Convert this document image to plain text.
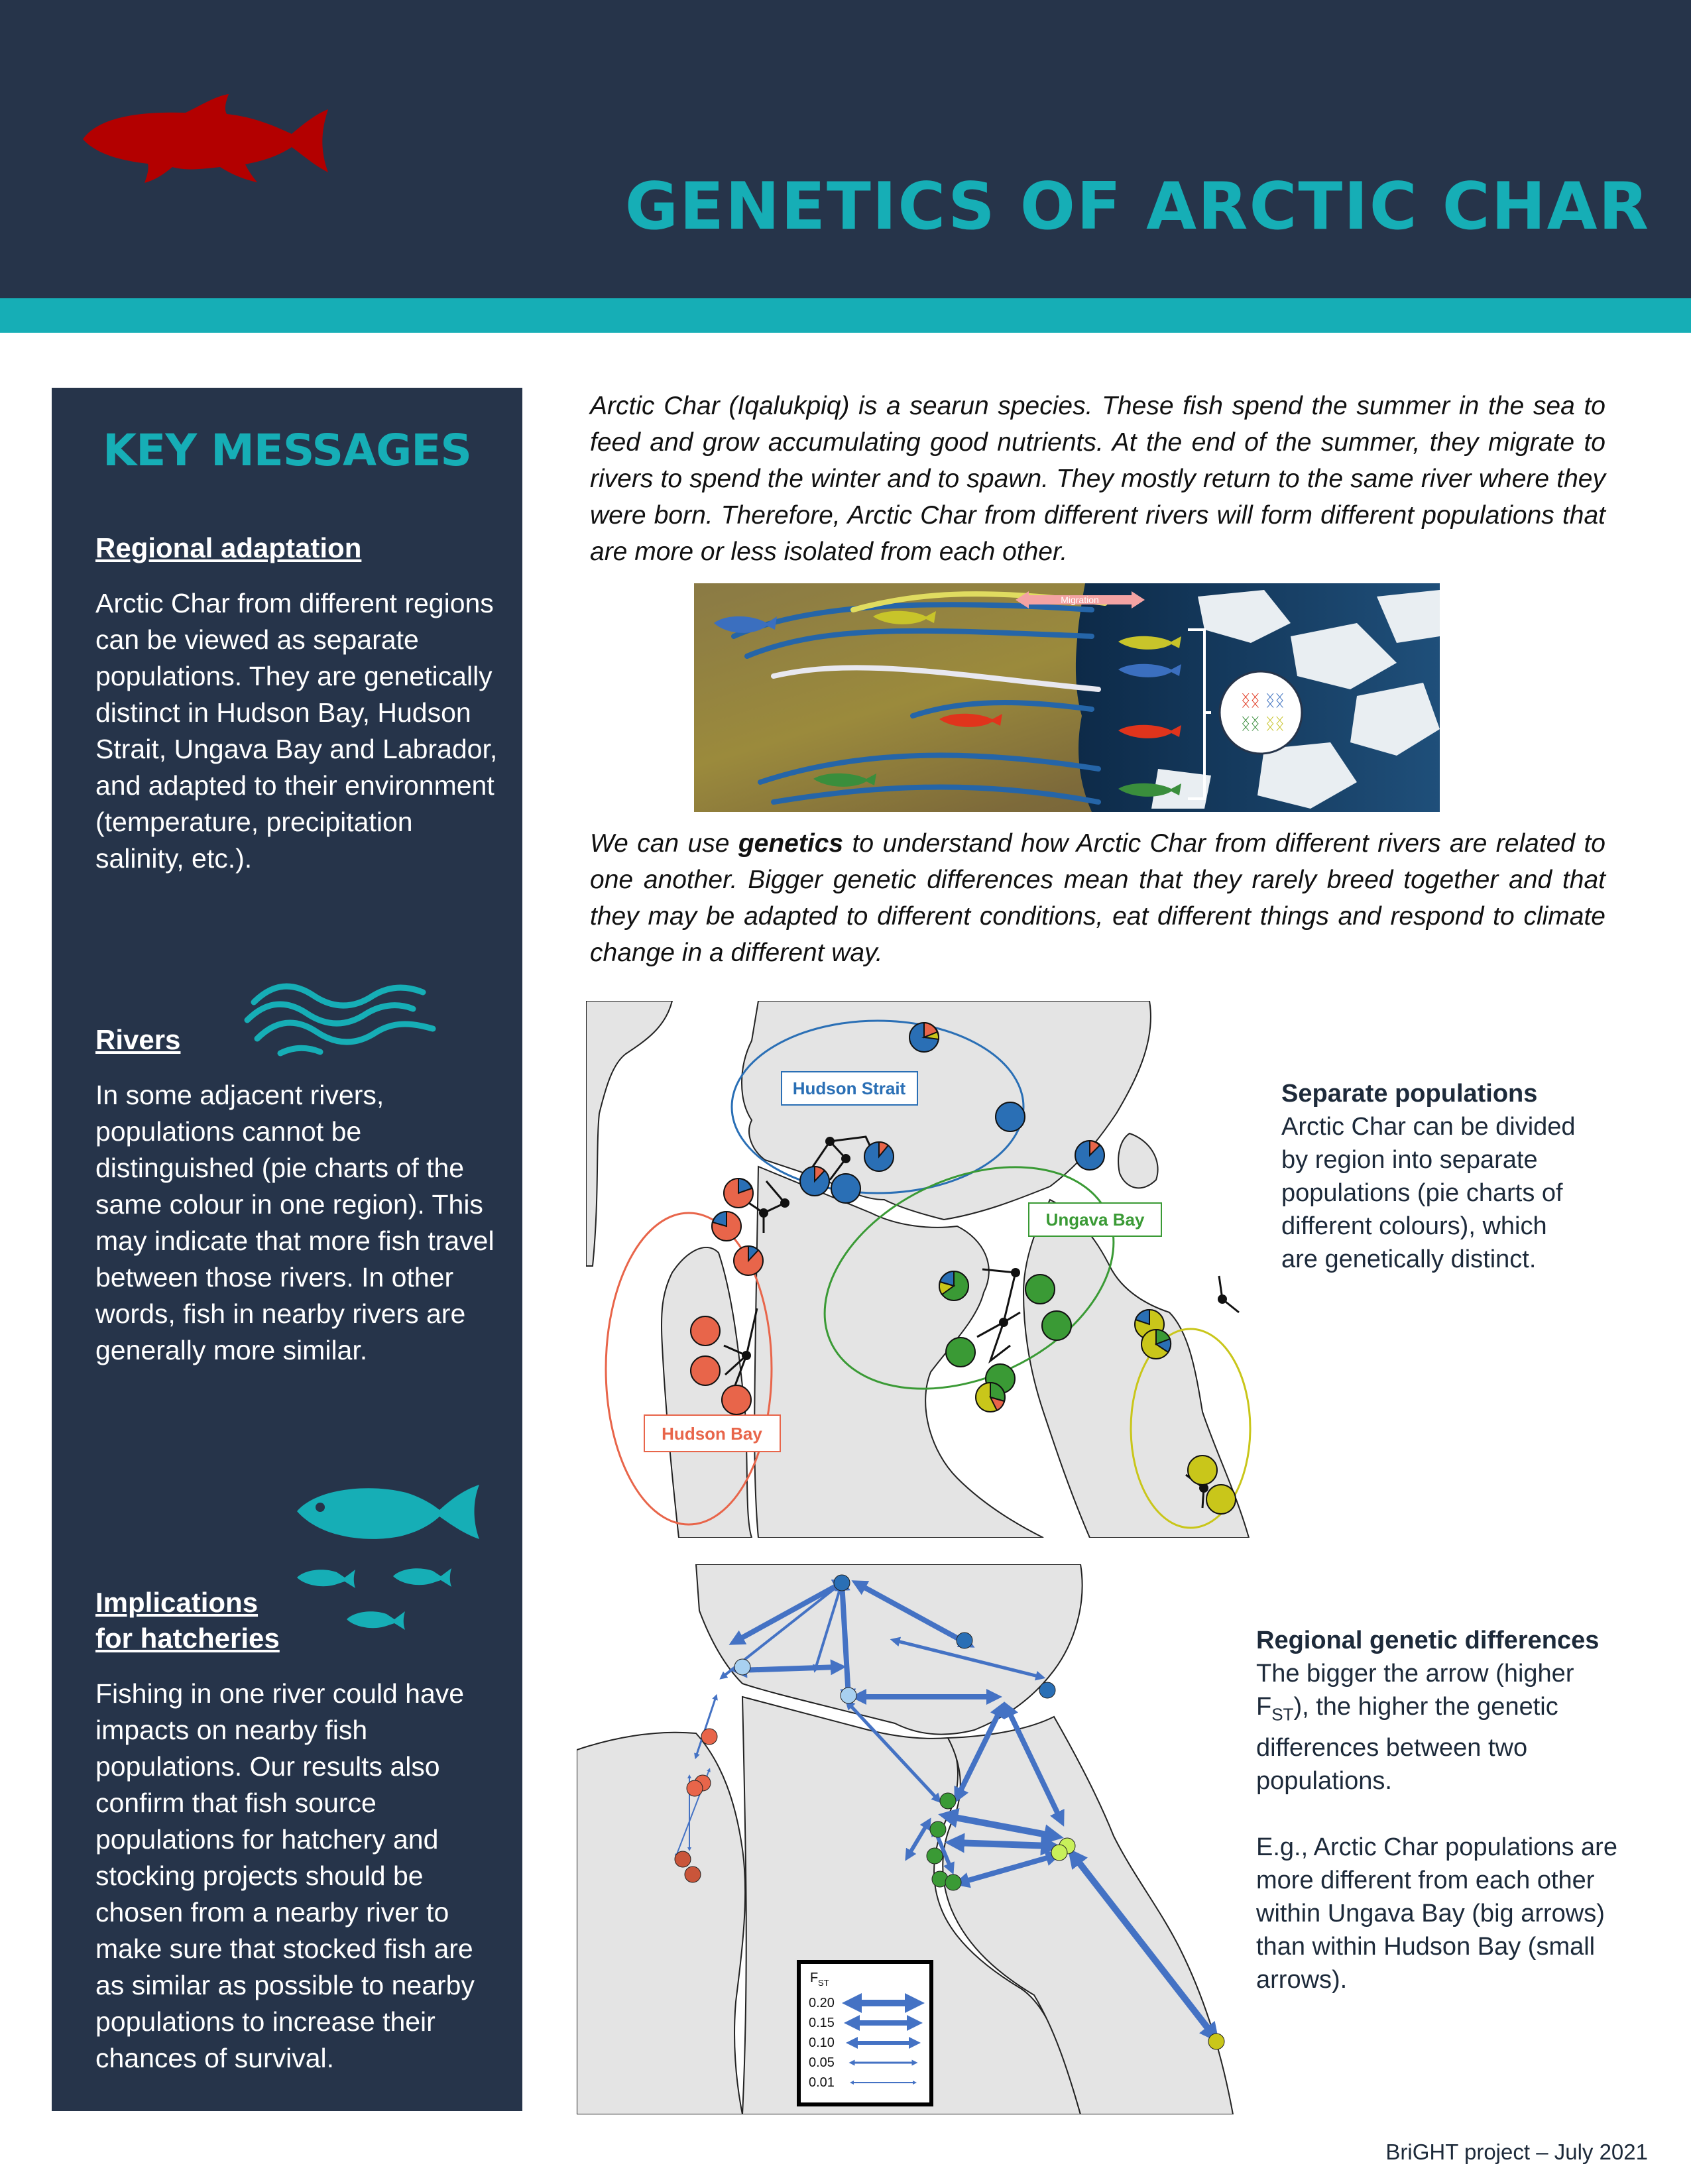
GENETICS OF ARCTIC CHAR
KEY MESSAGES
Regional adaptation
Arctic Char from different regions can be viewed as separate populations. They are genetically distinct in Hudson Bay, Hudson Strait, Ungava Bay and Labrador, and adapted to their environment (temperature, precipitation salinity, etc.).
Rivers
In some adjacent rivers, populations cannot be distinguished (pie charts of the same colour in one region). This may indicate that more fish travel between those rivers. In other words, fish in nearby rivers are generally more similar.
Implications
for hatcheries
Fishing in one river could have impacts on nearby fish populations. Our results also confirm that fish source populations for hatchery and stocking projects should be chosen from a nearby river to make sure that stocked fish are as similar as possible to nearby populations to increase their chances of survival.
Arctic Char (Iqalukpiq) is a searun species. These fish spend the summer in the sea to feed and grow accumulating good nutrients. At the end of the summer, they migrate to rivers to spend the winter and to spawn. They mostly return to the same river where they were born. Therefore, Arctic Char from different rivers will form different populations that are more or less isolated from each other.
Migration
ᛝᛝ ᛝᛝ
ᛝᛝ ᛝᛝ
We can use genetics to understand how Arctic Char from different rivers are related to one another. Bigger genetic differences mean that they rarely breed together and that they may be adapted to different conditions, eat different things and respond to climate change in a different way.
Hudson Strait
Ungava Bay
Hudson Bay
Separate populations
Arctic Char can be divided
by region into separate
populations (pie charts of
different colours), which
are genetically distinct.
F ST
0.20
0.15
0.10
0.05
0.01
Regional genetic differences
The bigger the arrow (higher
$F_{ST}$), the higher the genetic
differences between two
populations.
E.g., Arctic Char populations are
more different from each other
within Ungava Bay (big arrows)
than within Hudson Bay (small
arrows).
BriGHT project – July 2021
